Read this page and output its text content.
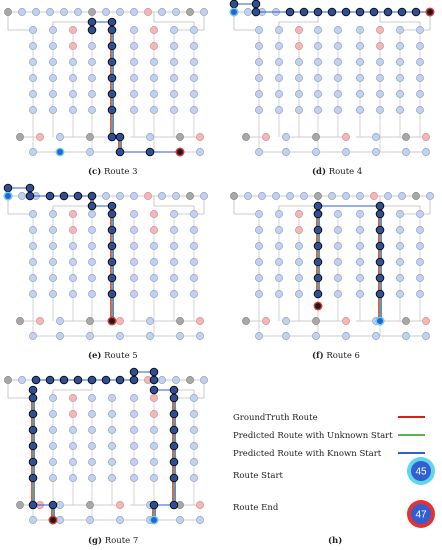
(c) Route 3	(d) Route 4
(e) Route 5	(f) Route 6
(g) Route 7	(h)
GroundTruth Route
Predicted Route with Unknown Start
Predicted Route with Known Start
Route Start	45
Route End
47
